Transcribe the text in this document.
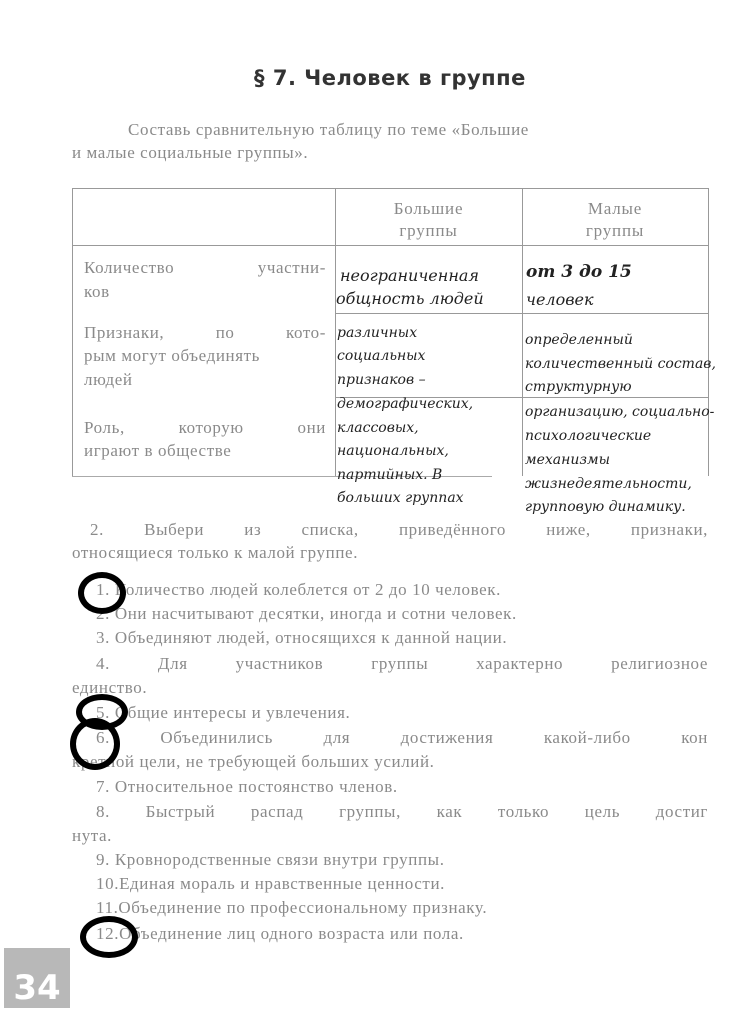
§ 7. Человек в группе
Составь сравнительную таблицу по теме «Большие
и малые социальные группы».
Большие
группы
Малые
группы
Количество участни-
ков
Признаки, по кото-
рым могут объединять
людей
Роль, которую они
играют в обществе
неограниченная
общность людей
различных
социальных
признаков –
демографических,
классовых,
национальных,
партийных. В
больших группах
от 3 до 15
человек
определенный
количественный состав,
структурную
организацию, социально-
психологические
механизмы
жизнедеятельности,
групповую динамику.
2. Выбери из списка, приведённого ниже, признаки,
относящиеся только к малой группе.
1. Количество людей колеблется от 2 до 10 человек.
2. Они насчитывают десятки, иногда и сотни человек.
3. Объединяют людей, относящихся к данной нации.
4.	Для участников группы характерно религиозное
единство.
5. Общие интересы и увлечения.
6.	Объединились для достижения какой-либо кон
кретной цели, не требующей больших усилий.
7. Относительное постоянство членов.
8. Быстрый распад группы, как только цель достиг
нута.
9. Кровнородственные связи внутри группы.
10.Единая мораль и нравственные ценности.
11.Объединение по профессиональному признаку.
12.Объединение лиц одного возраста или пола.
34
